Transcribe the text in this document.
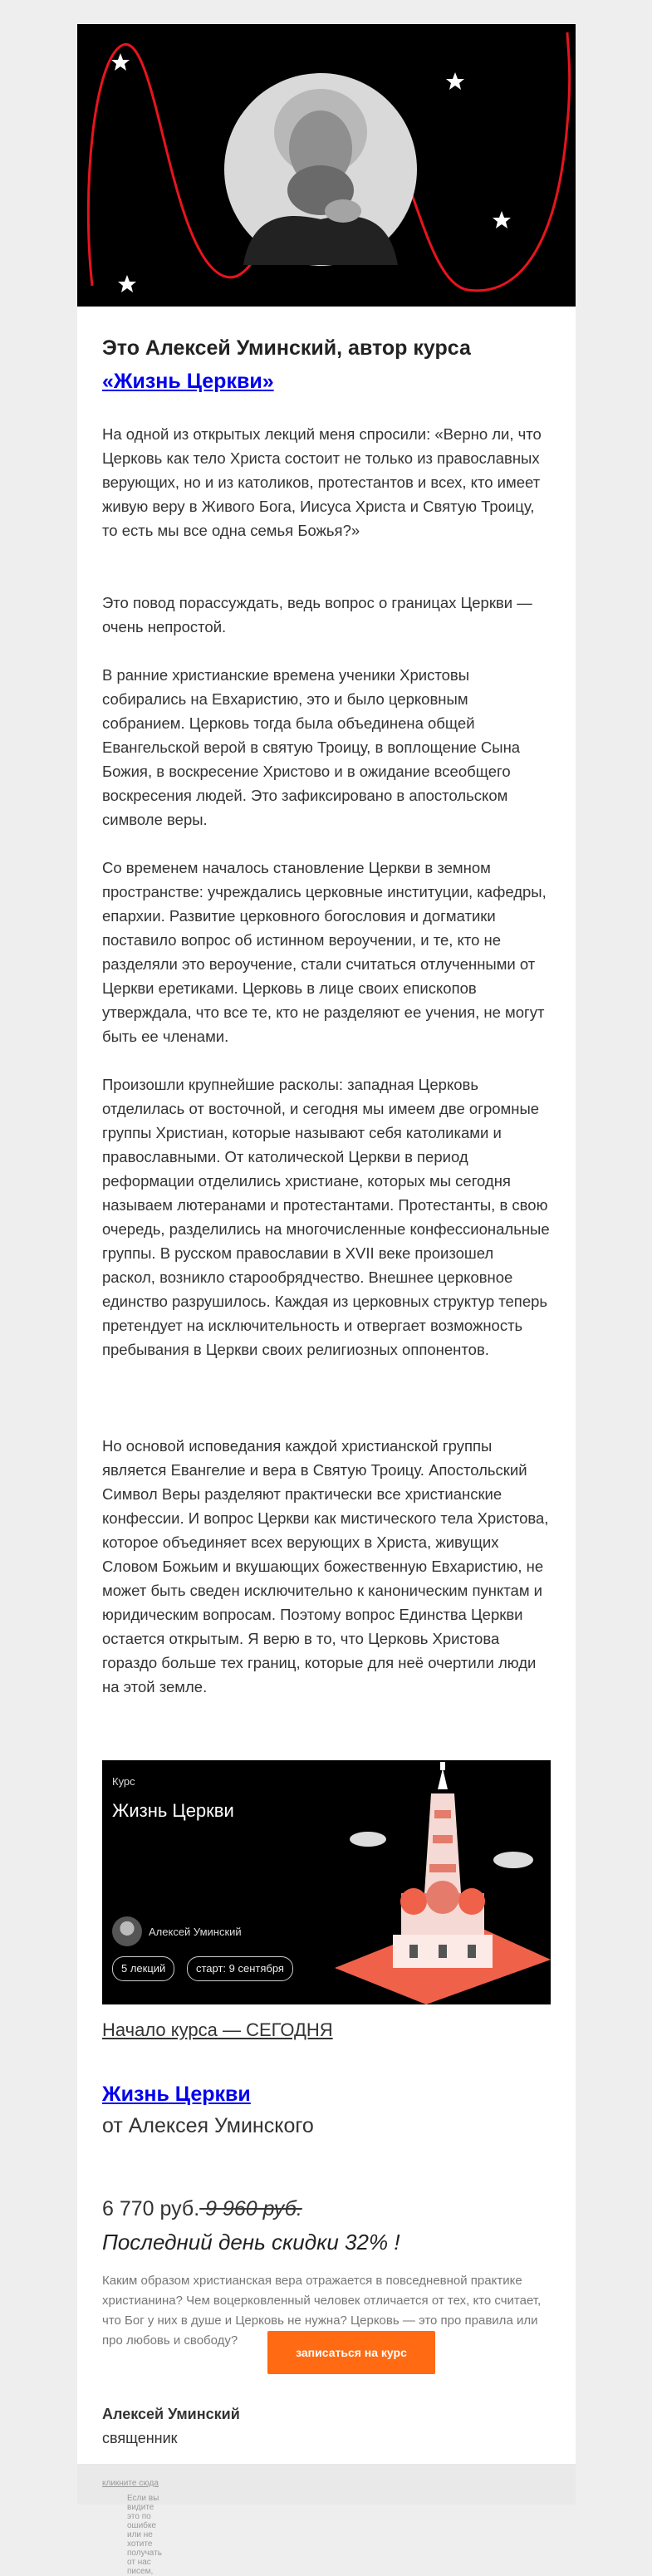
Это Алексей Уминский, автор курса
«Жизнь Церкви»

На одной из открытых лекций меня спросили: «Верно ли, что Церковь как тело Христа состоит не только из православных верующих, но и из католиков, протестантов и всех, кто имеет живую веру в Живого Бога, Иисуса Христа и Святую Троицу, то есть мы все одна семья Божья?»

Это повод порассуждать, ведь вопрос о границах Церкви — очень непростой.

В ранние христианские времена ученики Христовы собирались на Евхаристию, это и было церковным собранием. Церковь тогда была объединена общей Евангельской верой в святую Троицу, в воплощение Сына Божия, в воскресение Христово и в ожидание всеобщего воскресения людей. Это зафиксировано в апостольском символе веры.

Со временем началось становление Церкви в земном пространстве: учреждались церковные институции, кафедры, епархии. Развитие церковного богословия и догматики поставило вопрос об истинном вероучении, и те, кто не разделяли это вероучение, стали считаться отлученными от Церкви еретиками. Церковь в лице своих епископов утверждала, что все те, кто не разделяют ее учения, не могут быть ее членами.

Произошли крупнейшие расколы: западная Церковь отделилась от восточной, и сегодня мы имеем две огромные группы Христиан, которые называют себя католиками и православными. От католической Церкви в период реформации отделились христиане, которых мы сегодня называем лютеранами и протестантами. Протестанты, в свою очередь, разделились на многочисленные конфессиональные группы. В русском православии в XVII веке произошел раскол, возникло старообрядчество. Внешнее церковное единство разрушилось. Каждая из церковных структур теперь претендует на исключительность и отвергает возможность пребывания в Церкви своих религиозных оппонентов.

Но основой исповедания каждой христианской группы является Евангелие и вера в Святую Троицу. Апостольский Символ Веры разделяют практически все христианские конфессии. И вопрос Церкви как мистического тела Христова, которое объединяет всех верующих в Христа, живущих Словом Божьим и вкушающих божественную Евхаристию, не может быть сведен исключительно к каноническим пунктам и юридическим вопросам. Поэтому вопрос Единства Церкви остается открытым. Я верю в то, что Церковь Христова гораздо больше тех границ, которые для неё очертили люди на этой земле.

Курс
Жизнь Церкви
Алексей Уминский
5 лекций	старт: 9 сентября
Начало курса — СЕГОДНЯ
Жизнь Церкви
от Алексея Уминского
6 770 руб. 9 960 руб.
Последний день скидки 32% !
Каким образом христианская вера отражается в повседневной практике христианина? Чем воцерковленный человек отличается от тех, кто считает, что Бог у них в душе и Церковь не нужна? Церковь — это про правила или про любовь и свободу?
записаться на курс
Алексей Уминский
священник
Если вы видите это по ошибке или не хотите получать от нас писем,
кликните сюда
